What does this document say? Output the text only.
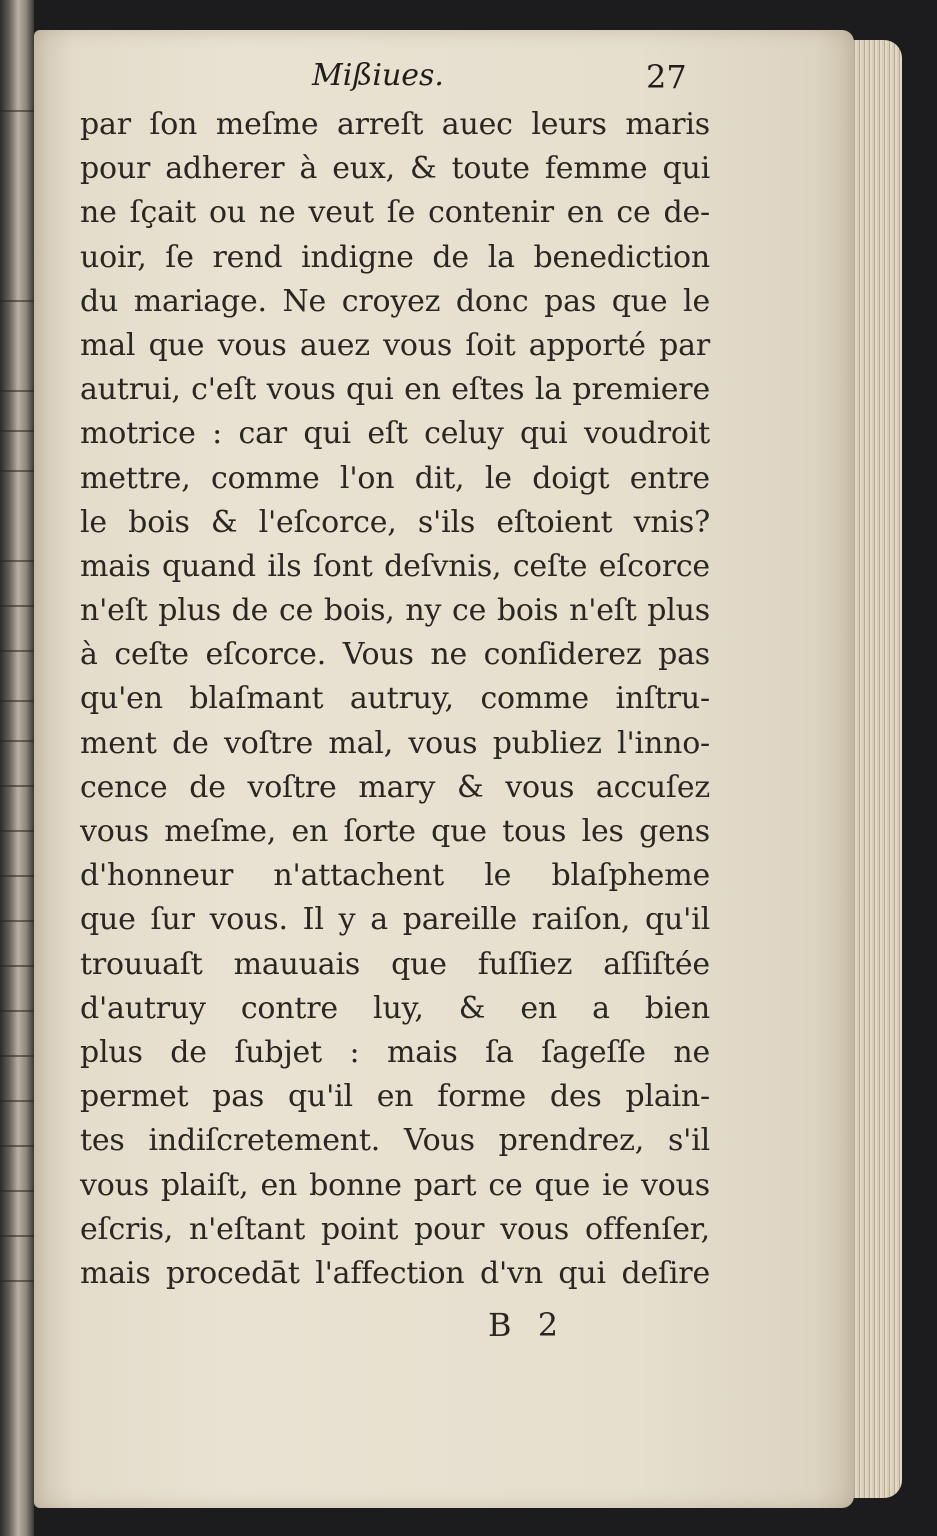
Mißiues.	27
par ſon meſme arreſt auec leurs maris
pour adherer à eux, & toute femme qui
ne ſçait ou ne veut ſe contenir en ce de-
uoir, ſe rend indigne de la benediction
du mariage. Ne croyez donc pas que le
mal que vous auez vous ſoit apporté par
autrui, c'eſt vous qui en eſtes la premiere
motrice : car qui eſt celuy qui voudroit
mettre, comme l'on dit, le doigt entre
le bois & l'eſcorce, s'ils eſtoient vnis?
mais quand ils ſont deſvnis, ceſte eſcorce
n'eſt plus de ce bois, ny ce bois n'eſt plus
à ceſte eſcorce. Vous ne conſiderez pas
qu'en blaſmant autruy, comme inſtru-
ment de voſtre mal, vous publiez l'inno-
cence de voſtre mary & vous accuſez
vous meſme, en ſorte que tous les gens
d'honneur n'attachent le blaſpheme
que ſur vous. Il y a pareille raiſon, qu'il
trouuaſt mauuais que fuſſiez aſſiſtée
d'autruy contre luy, & en a bien
plus de ſubjet : mais ſa ſageſſe ne
permet pas qu'il en forme des plain-
tes indiſcretement. Vous prendrez, s'il
vous plaiſt, en bonne part ce que ie vous
eſcris, n'eſtant point pour vous offenſer,
mais procedāt l'affection d'vn qui deſire
B 2
